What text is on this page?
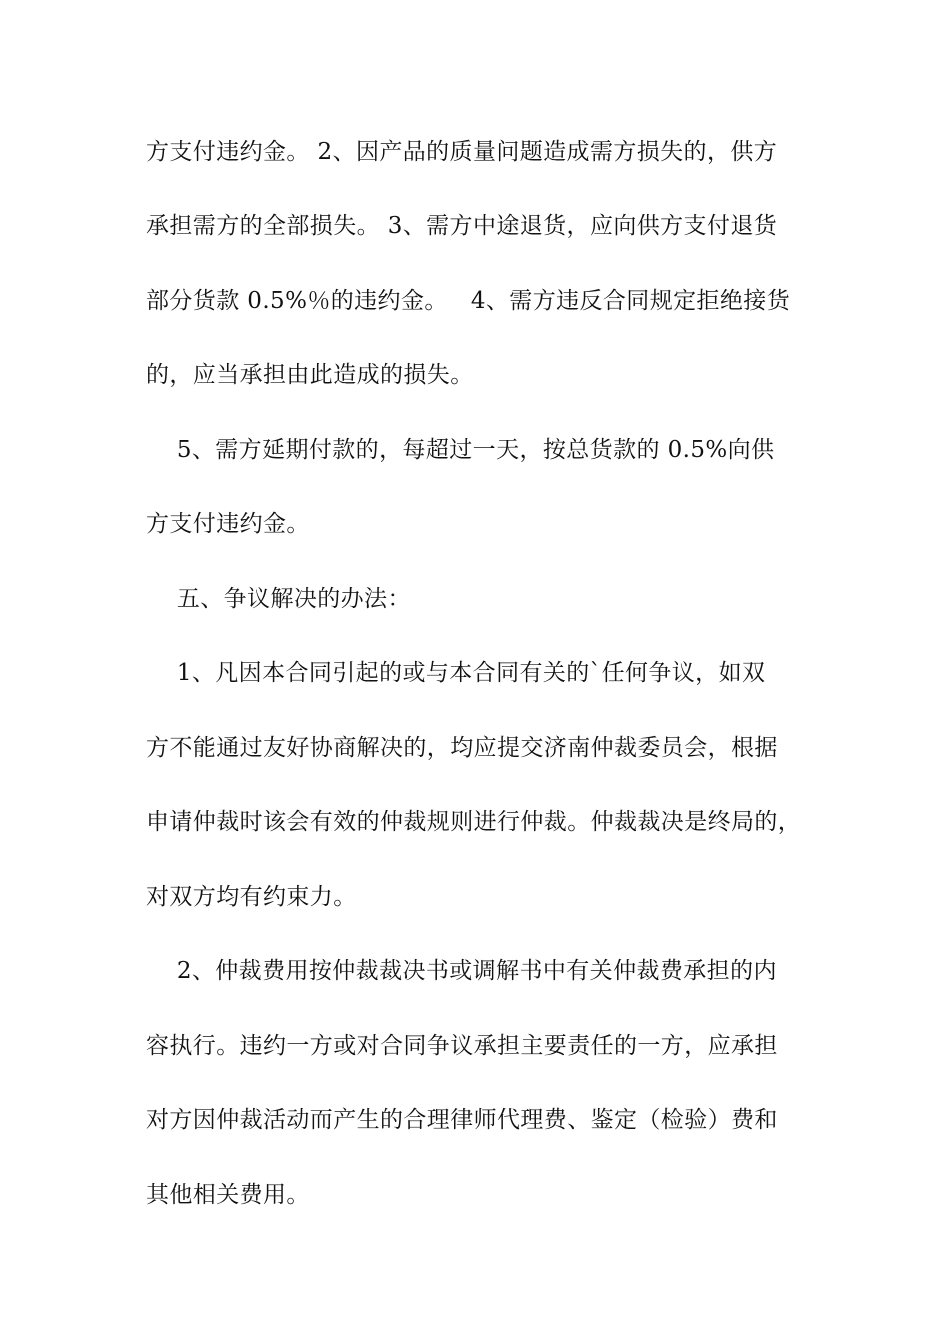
方支付违约金。 2、因产品的质量问题造成需方损失的，供方

承担需方的全部损失。 3、需方中途退货，应向供方支付退货

部分货款 0.5%％的违约金。   4、需方违反合同规定拒绝接货

的，应当承担由此造成的损失。

5、需方延期付款的，每超过一天，按总货款的 0.5%向供

方支付违约金。

五、争议解决的办法：

1、凡因本合同引起的或与本合同有关的`任何争议，如双

方不能通过友好协商解决的，均应提交济南仲裁委员会，根据

申请仲裁时该会有效的仲裁规则进行仲裁。仲裁裁决是终局的，

对双方均有约束力。

2、仲裁费用按仲裁裁决书或调解书中有关仲裁费承担的内

容执行。违约一方或对合同争议承担主要责任的一方，应承担

对方因仲裁活动而产生的合理律师代理费、鉴定（检验）费和

其他相关费用。
